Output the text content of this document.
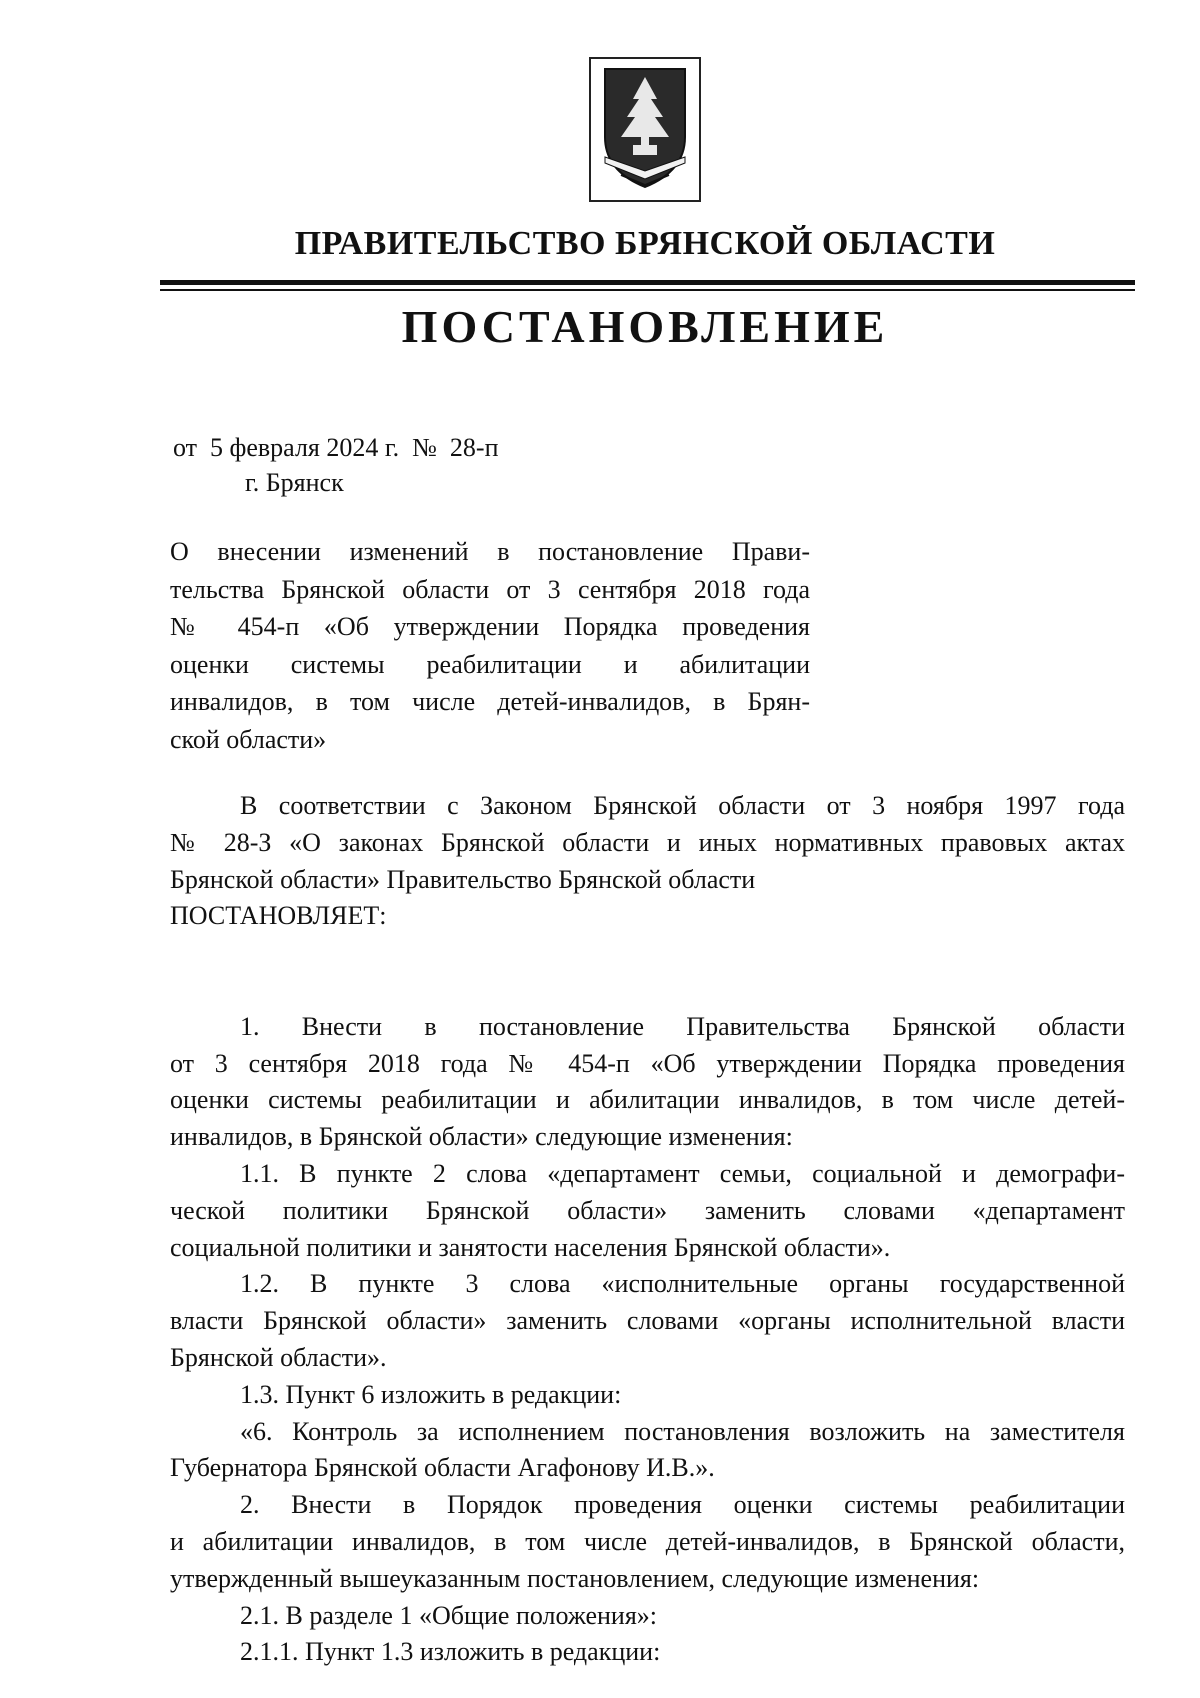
ПРАВИТЕЛЬСТВО БРЯНСКОЙ ОБЛАСТИ
ПОСТАНОВЛЕНИЕ
от  5 февраля 2024 г.  №  28-п
г. Брянск
О внесении изменений в постановление Прави-
тельства Брянской области от 3 сентября 2018 года
№ 454-п «Об утверждении Порядка проведения
оценки системы реабилитации и абилитации
инвалидов, в том числе детей-инвалидов, в Брян-
ской области»
В соответствии с Законом Брянской области от 3 ноября 1997 года
№ 28-З «О законах Брянской области и иных нормативных правовых актах
Брянской области» Правительство Брянской области
ПОСТАНОВЛЯЕТ:
1. Внести в постановление Правительства Брянской области
от 3 сентября 2018 года № 454-п «Об утверждении Порядка проведения
оценки системы реабилитации и абилитации инвалидов, в том числе детей-
инвалидов, в Брянской области» следующие изменения:
1.1. В пункте 2 слова «департамент семьи, социальной и демографи-
ческой политики Брянской области» заменить словами «департамент
социальной политики и занятости населения Брянской области».
1.2. В пункте 3 слова «исполнительные органы государственной
власти Брянской области» заменить словами «органы исполнительной власти
Брянской области».
1.3. Пункт 6 изложить в редакции:
«6. Контроль за исполнением постановления возложить на заместителя
Губернатора Брянской области Агафонову И.В.».
2. Внести в Порядок проведения оценки системы реабилитации
и абилитации инвалидов, в том числе детей-инвалидов, в Брянской области,
утвержденный вышеуказанным постановлением, следующие изменения:
2.1. В разделе 1 «Общие положения»:
2.1.1. Пункт 1.3 изложить в редакции:
